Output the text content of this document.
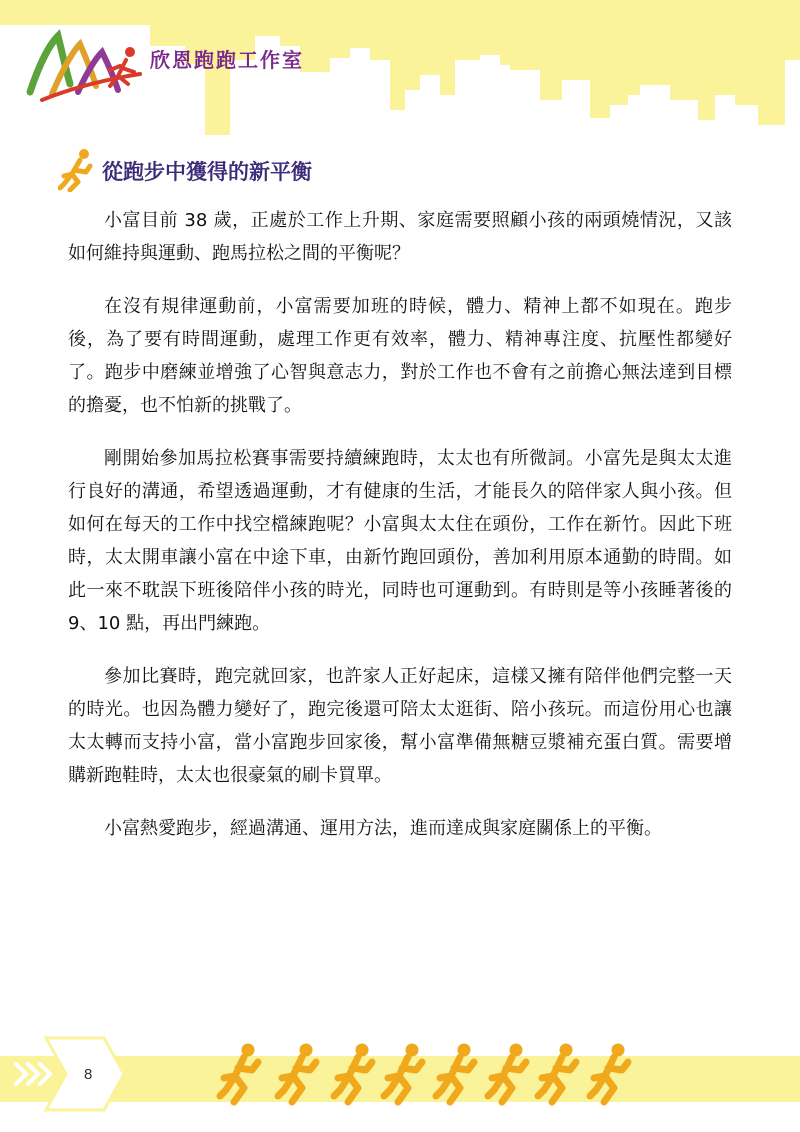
欣恩跑跑工作室
從跑步中獲得的新平衡

小富目前 38 歲，正處於工作上升期、家庭需要照顧小孩的兩頭燒情況，又該如何維持與運動、跑馬拉松之間的平衡呢？

在沒有規律運動前，小富需要加班的時候，體力、精神上都不如現在。跑步後，為了要有時間運動，處理工作更有效率，體力、精神專注度、抗壓性都變好了。跑步中磨練並增強了心智與意志力，對於工作也不會有之前擔心無法達到目標的擔憂，也不怕新的挑戰了。

剛開始參加馬拉松賽事需要持續練跑時，太太也有所微詞。小富先是與太太進行良好的溝通，希望透過運動，才有健康的生活，才能長久的陪伴家人與小孩。但如何在每天的工作中找空檔練跑呢？小富與太太住在頭份，工作在新竹。因此下班時，太太開車讓小富在中途下車，由新竹跑回頭份，善加利用原本通勤的時間。如此一來不耽誤下班後陪伴小孩的時光，同時也可運動到。有時則是等小孩睡著後的 9、10 點，再出門練跑。

參加比賽時，跑完就回家，也許家人正好起床，這樣又擁有陪伴他們完整一天的時光。也因為體力變好了，跑完後還可陪太太逛街、陪小孩玩。而這份用心也讓太太轉而支持小富，當小富跑步回家後，幫小富準備無糖豆漿補充蛋白質。需要增購新跑鞋時，太太也很豪氣的刷卡買單。

小富熱愛跑步，經過溝通、運用方法，進而達成與家庭關係上的平衡。

8
